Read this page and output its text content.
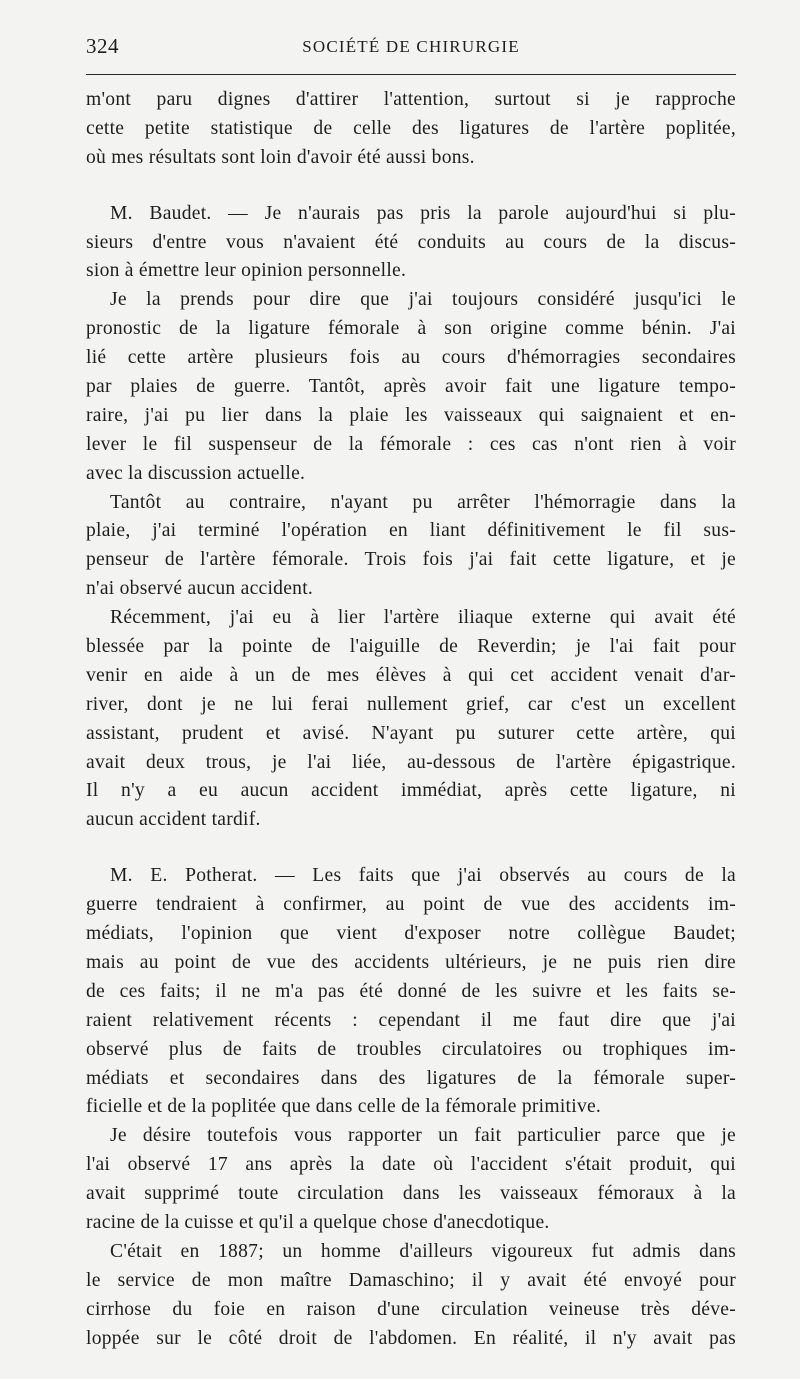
324	SOCIÉTÉ DE CHIRURGIE
m'ont paru dignes d'attirer l'attention, surtout si je rapproche
cette petite statistique de celle des ligatures de l'artère poplitée,
où mes résultats sont loin d'avoir été aussi bons.
M. Baudet. — Je n'aurais pas pris la parole aujourd'hui si plu-
sieurs d'entre vous n'avaient été conduits au cours de la discus-
sion à émettre leur opinion personnelle.
Je la prends pour dire que j'ai toujours considéré jusqu'ici le
pronostic de la ligature fémorale à son origine comme bénin. J'ai
lié cette artère plusieurs fois au cours d'hémorragies secondaires
par plaies de guerre. Tantôt, après avoir fait une ligature tempo-
raire, j'ai pu lier dans la plaie les vaisseaux qui saignaient et en-
lever le fil suspenseur de la fémorale : ces cas n'ont rien à voir
avec la discussion actuelle.
Tantôt au contraire, n'ayant pu arrêter l'hémorragie dans la
plaie, j'ai terminé l'opération en liant définitivement le fil sus-
penseur de l'artère fémorale. Trois fois j'ai fait cette ligature, et je
n'ai observé aucun accident.
Récemment, j'ai eu à lier l'artère iliaque externe qui avait été
blessée par la pointe de l'aiguille de Reverdin; je l'ai fait pour
venir en aide à un de mes élèves à qui cet accident venait d'ar-
river, dont je ne lui ferai nullement grief, car c'est un excellent
assistant, prudent et avisé. N'ayant pu suturer cette artère, qui
avait deux trous, je l'ai liée, au-dessous de l'artère épigastrique.
Il n'y a eu aucun accident immédiat, après cette ligature, ni
aucun accident tardif.
M. E. Potherat. — Les faits que j'ai observés au cours de la
guerre tendraient à confirmer, au point de vue des accidents im-
médiats, l'opinion que vient d'exposer notre collègue Baudet;
mais au point de vue des accidents ultérieurs, je ne puis rien dire
de ces faits; il ne m'a pas été donné de les suivre et les faits se-
raient relativement récents : cependant il me faut dire que j'ai
observé plus de faits de troubles circulatoires ou trophiques im-
médiats et secondaires dans des ligatures de la fémorale super-
ficielle et de la poplitée que dans celle de la fémorale primitive.
Je désire toutefois vous rapporter un fait particulier parce que je
l'ai observé 17 ans après la date où l'accident s'était produit, qui
avait supprimé toute circulation dans les vaisseaux fémoraux à la
racine de la cuisse et qu'il a quelque chose d'anecdotique.
C'était en 1887; un homme d'ailleurs vigoureux fut admis dans
le service de mon maître Damaschino; il y avait été envoyé pour
cirrhose du foie en raison d'une circulation veineuse très déve-
loppée sur le côté droit de l'abdomen. En réalité, il n'y avait pas
